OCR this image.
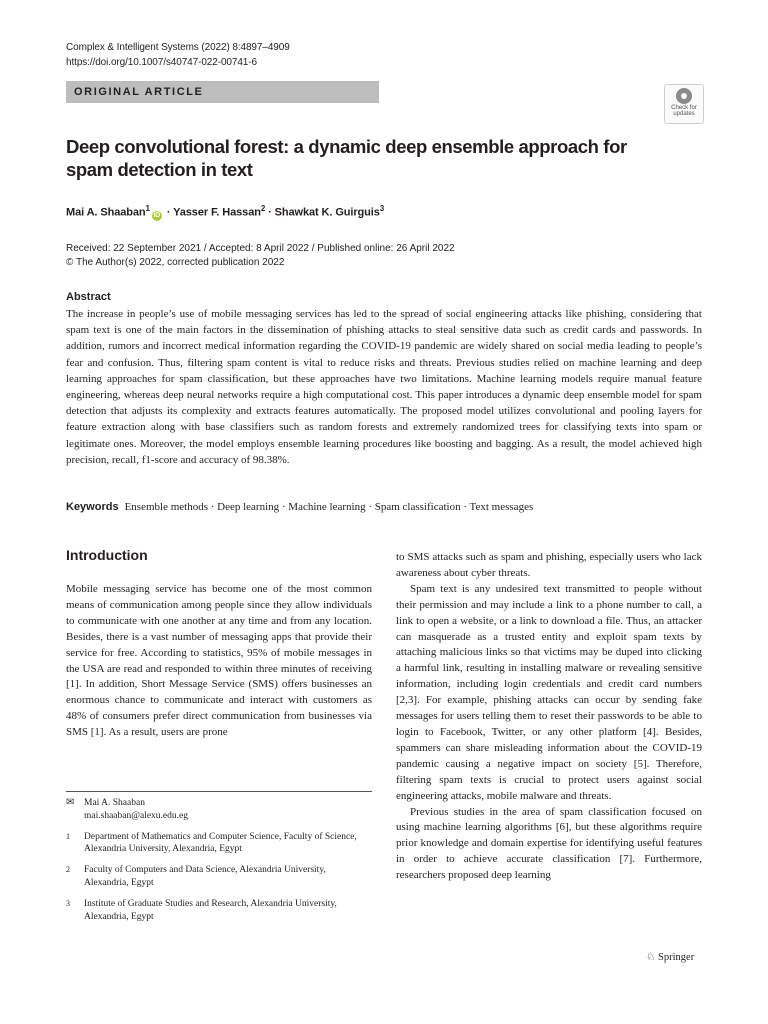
Complex & Intelligent Systems (2022) 8:4897–4909
https://doi.org/10.1007/s40747-022-00741-6
ORIGINAL ARTICLE
Check for
updates
Deep convolutional forest: a dynamic deep ensemble approach for
spam detection in text
Mai A. Shaaban$^1$iD · Yasser F. Hassan$^2$ · Shawkat K. Guirguis$^3$
Received: 22 September 2021 / Accepted: 8 April 2022 / Published online: 26 April 2022
© The Author(s) 2022, corrected publication 2022
Abstract
The increase in people’s use of mobile messaging services has led to the spread of social engineering attacks like phishing, considering that spam text is one of the main factors in the dissemination of phishing attacks to steal sensitive data such as credit cards and passwords. In addition, rumors and incorrect medical information regarding the COVID-19 pandemic are widely shared on social media leading to people’s fear and confusion. Thus, filtering spam content is vital to reduce risks and threats. Previous studies relied on machine learning and deep learning approaches for spam classification, but these approaches have two limitations. Machine learning models require manual feature engineering, whereas deep neural networks require a high computational cost. This paper introduces a dynamic deep ensemble model for spam detection that adjusts its complexity and extracts features automatically. The proposed model utilizes convolutional and pooling layers for feature extraction along with base classifiers such as random forests and extremely randomized trees for classifying texts into spam or legitimate ones. Moreover, the model employs ensemble learning procedures like boosting and bagging. As a result, the model achieved high precision, recall, f1-score and accuracy of 98.38%.
Keywords Ensemble methods · Deep learning · Machine learning · Spam classification · Text messages
Introduction

Mobile messaging service has become one of the most common means of communication among people since they allow individuals to communicate with one another at any time and from any location. Besides, there is a vast number of messaging apps that provide their service for free. According to statistics, 95% of mobile messages in the USA are read and responded to within three minutes of receiving [1]. In addition, Short Message Service (SMS) offers businesses an enormous chance to communicate and interact with customers as 48% of consumers prefer direct communication from businesses via SMS [1]. As a result, users are prone

to SMS attacks such as spam and phishing, especially users who lack awareness about cyber threats.

Spam text is any undesired text transmitted to people without their permission and may include a link to a phone number to call, a link to open a website, or a link to download a file. Thus, an attacker can masquerade as a trusted entity and exploit spam texts by attaching malicious links so that victims may be duped into clicking a harmful link, resulting in installing malware or revealing sensitive information, including login credentials and credit card numbers [2,3]. For example, phishing attacks can occur by sending fake messages for users telling them to reset their passwords to be able to login to Facebook, Twitter, or any other platform [4]. Besides, spammers can share misleading information about the COVID-19 pandemic causing a negative impact on society [5]. Therefore, filtering spam texts is crucial to protect users against social engineering attacks, mobile malware and threats.

Previous studies in the area of spam classification focused on using machine learning algorithms [6], but these algorithms require prior knowledge and domain expertise for identifying useful features in order to achieve accurate classification [7]. Furthermore, researchers proposed deep learning

✉	Mai A. Shaaban
mai.shaaban@alexu.edu.eg
1	Department of Mathematics and Computer Science, Faculty of Science, Alexandria University, Alexandria, Egypt
2	Faculty of Computers and Data Science, Alexandria University, Alexandria, Egypt
3	Institute of Graduate Studies and Research, Alexandria University, Alexandria, Egypt
♘ Springer
